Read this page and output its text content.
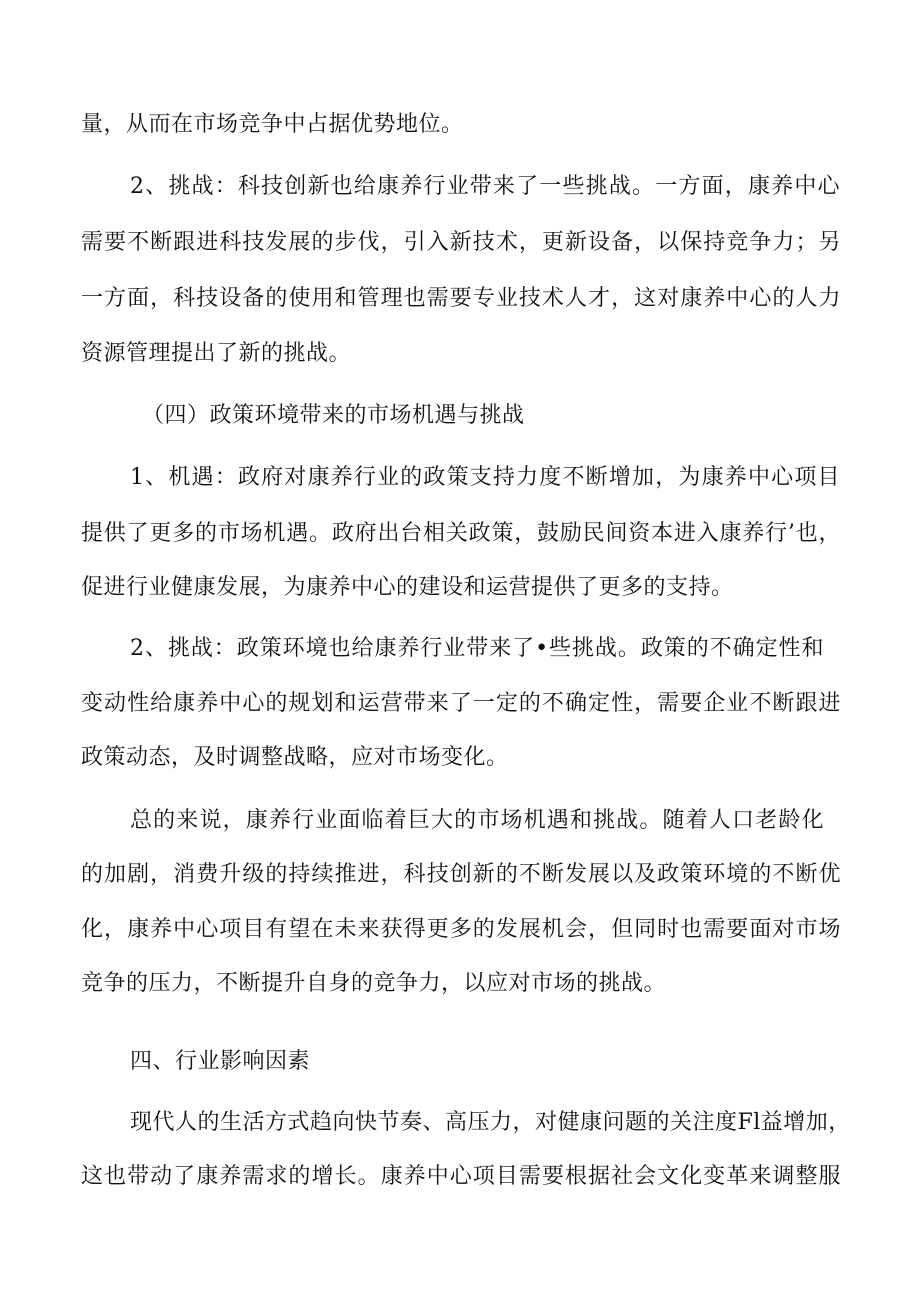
量，从而在市场竞争中占据优势地位。
2、挑战：科技创新也给康养行业带来了一些挑战。一方面，康养中心
需要不断跟进科技发展的步伐，引入新技术，更新设备，以保持竞争力；另
一方面，科技设备的使用和管理也需要专业技术人才，这对康养中心的人力
资源管理提出了新的挑战。
（四）政策环境带来的市场机遇与挑战
1、机遇：政府对康养行业的政策支持力度不断增加，为康养中心项目
提供了更多的市场机遇。政府出台相关政策，鼓励民间资本进入康养行’也，
促进行业健康发展，为康养中心的建设和运营提供了更多的支持。
2、挑战：政策环境也给康养行业带来了•些挑战。政策的不确定性和
变动性给康养中心的规划和运营带来了一定的不确定性，需要企业不断跟进
政策动态，及时调整战略，应对市场变化。
总的来说，康养行业面临着巨大的市场机遇和挑战。随着人口老龄化
的加剧，消费升级的持续推进，科技创新的不断发展以及政策环境的不断优
化，康养中心项目有望在未来获得更多的发展机会，但同时也需要面对市场
竞争的压力，不断提升自身的竞争力，以应对市场的挑战。
四、行业影响因素
现代人的生活方式趋向快节奏、高压力，对健康问题的关注度Fl益增加，
这也带动了康养需求的增长。康养中心项目需要根据社会文化变革来调整服
